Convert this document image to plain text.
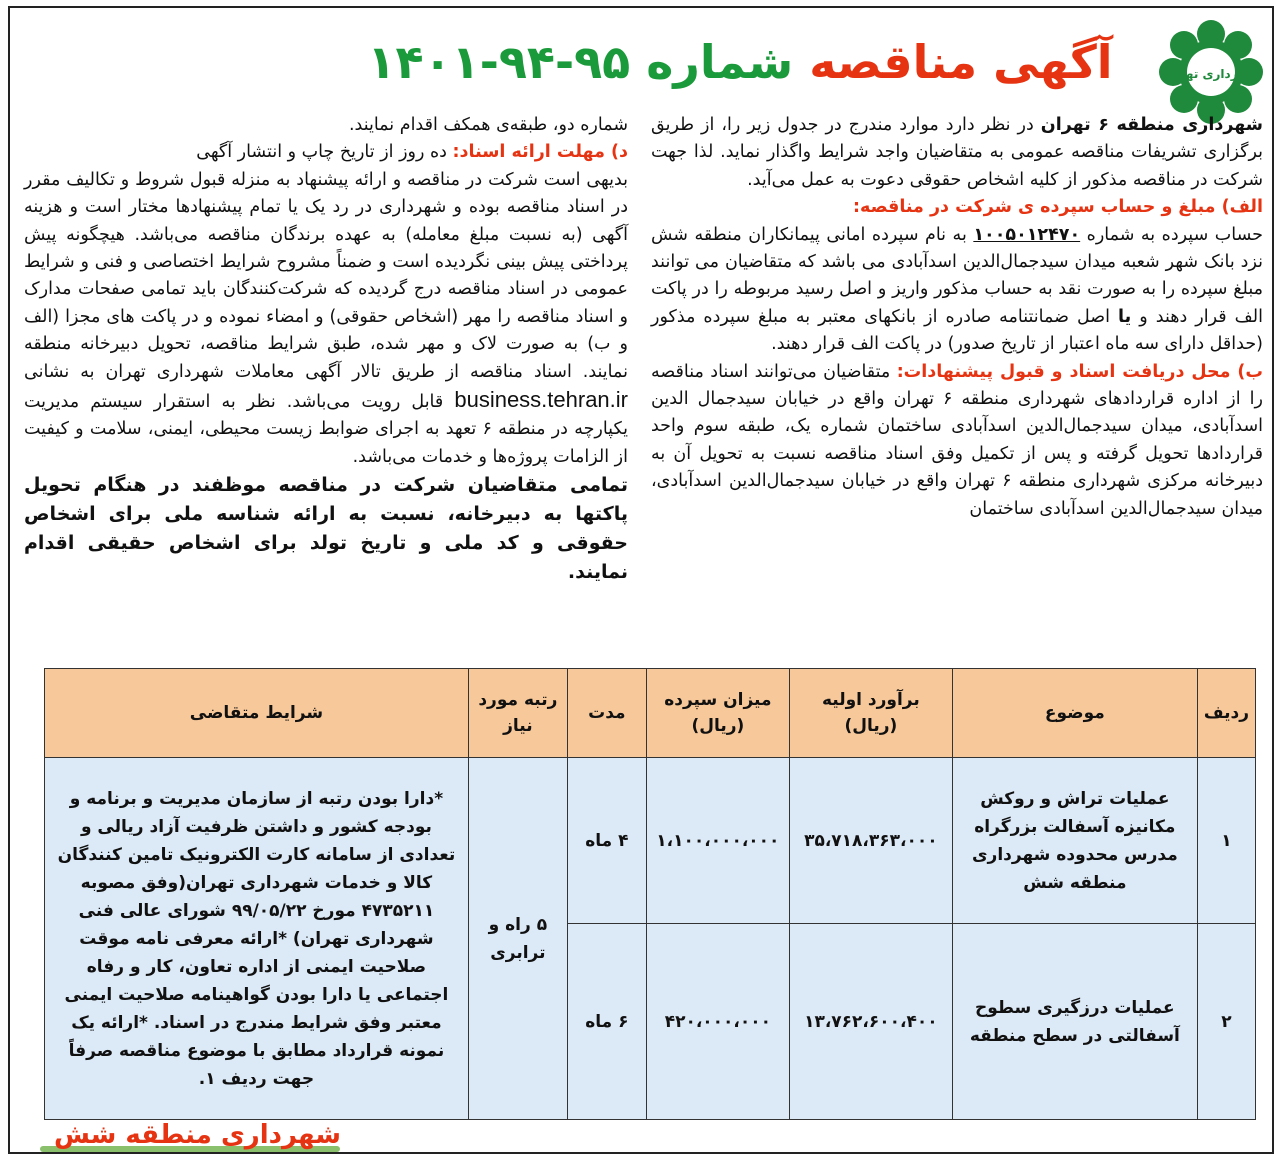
شهرداری تهران
آگهی مناقصه شماره ۹۵-۹۴-۱۴۰۱

شهرداری منطقه ۶ تهران در نظر دارد موارد مندرج در جدول زیر را، از طریق برگزاری تشریفات مناقصه عمومی به متقاضیان واجد شرایط واگذار نماید. لذا جهت شرکت در مناقصه مذکور از کلیه اشخاص حقوقی دعوت به عمل می‌آید.

الف) مبلغ و حساب سپرده ی شرکت در مناقصه:

حساب سپرده به شماره ۱۰۰۵۰۱۲۴۷۰ به نام سپرده امانی پیمانکاران منطقه شش نزد بانک شهر شعبه میدان سیدجمال‌الدین اسدآبادی می باشد که متقاضیان می توانند مبلغ سپرده را به صورت نقد به حساب مذکور واریز و اصل رسید مربوطه را در پاکت الف قرار دهند و یا اصل ضمانتنامه صادره از بانکهای معتبر به مبلغ سپرده مذکور (حداقل دارای سه ماه اعتبار از تاریخ صدور) در پاکت الف قرار دهند.

ب) محل دریافت اسناد و قبول پیشنهادات: متقاضیان می‌توانند اسناد مناقصه را از اداره قراردادهای شهرداری منطقه ۶ تهران واقع در خیابان سیدجمال الدین اسدآبادی، میدان سیدجمال‌الدین اسدآبادی ساختمان شماره یک، طبقه سوم واحد قراردادها تحویل گرفته و پس از تکمیل وفق اسناد مناقصه نسبت به تحویل آن به دبیرخانه مرکزی شهرداری منطقه ۶ تهران واقع در خیابان سیدجمال‌الدین اسدآبادی، میدان سیدجمال‌الدین اسدآبادی ساختمان

شماره دو، طبقه‌ی همکف اقدام نمایند.

د) مهلت ارائه اسناد: ده روز از تاریخ چاپ و انتشار آگهی

بدیهی است شرکت در مناقصه و ارائه پیشنهاد به منزله قبول شروط و تکالیف مقرر در اسناد مناقصه بوده و شهرداری در رد یک یا تمام پیشنهادها مختار است و هزینه آگهی (به نسبت مبلغ معامله) به عهده برندگان مناقصه می‌باشد. هیچگونه پیش پرداختی پیش بینی نگردیده است و ضمناً مشروح شرایط اختصاصی و فنی و شرایط عمومی در اسناد مناقصه درج گردیده که شرکت‌کنندگان باید تمامی صفحات مدارک و اسناد مناقصه را مهر (اشخاص حقوقی) و امضاء نموده و در پاکت های مجزا (الف و ب) به صورت لاک و مهر شده، طبق شرایط مناقصه، تحویل دبیرخانه منطقه نمایند. اسناد مناقصه از طریق تالار آگهی معاملات شهرداری تهران به نشانی business.tehran.ir قابل رویت می‌باشد. نظر به استقرار سیستم مدیریت یکپارچه در منطقه ۶ تعهد به اجرای ضوابط زیست محیطی، ایمنی، سلامت و کیفیت از الزامات پروژه‌ها و خدمات می‌باشد.

تمامی متقاضیان شرکت در مناقصه موظفند در هنگام تحویل پاکتها به دبیرخانه، نسبت به ارائه شناسه ملی برای اشخاص حقوقی و کد ملی و تاریخ تولد برای اشخاص حقیقی اقدام نمایند.

ردیف	موضوع	برآورد اولیه (ریال)	میزان سپرده (ریال)	مدت	رتبه مورد نیاز	شرایط متقاضی
۱	عملیات تراش و روکش مکانیزه آسفالت بزرگراه مدرس محدوده شهرداری منطقه شش	۳۵،۷۱۸،۳۶۳،۰۰۰	۱،۱۰۰،۰۰۰،۰۰۰	۴ ماه	۵ راه و ترابری	*دارا بودن رتبه از سازمان مدیریت و برنامه و بودجه کشور و داشتن ظرفیت آزاد ریالی و تعدادی از سامانه کارت الکترونیک تامین کنندگان کالا و خدمات شهرداری تهران(وفق مصوبه ۴۷۳۵۲۱۱ مورخ ۹۹/۰۵/۲۲ شورای عالی فنی شهرداری تهران) *ارائه معرفی نامه موقت صلاحیت ایمنی از اداره تعاون، کار و رفاه اجتماعی یا دارا بودن گواهینامه صلاحیت ایمنی معتبر وفق شرایط مندرج در اسناد. *ارائه یک نمونه قرارداد مطابق با موضوع مناقصه صرفاً جهت ردیف ۱.
۲	عملیات درزگیری سطوح آسفالتی در سطح منطقه	۱۳،۷۶۲،۶۰۰،۴۰۰	۴۲۰،۰۰۰،۰۰۰	۶ ماه		
شهرداری منطقه شش
